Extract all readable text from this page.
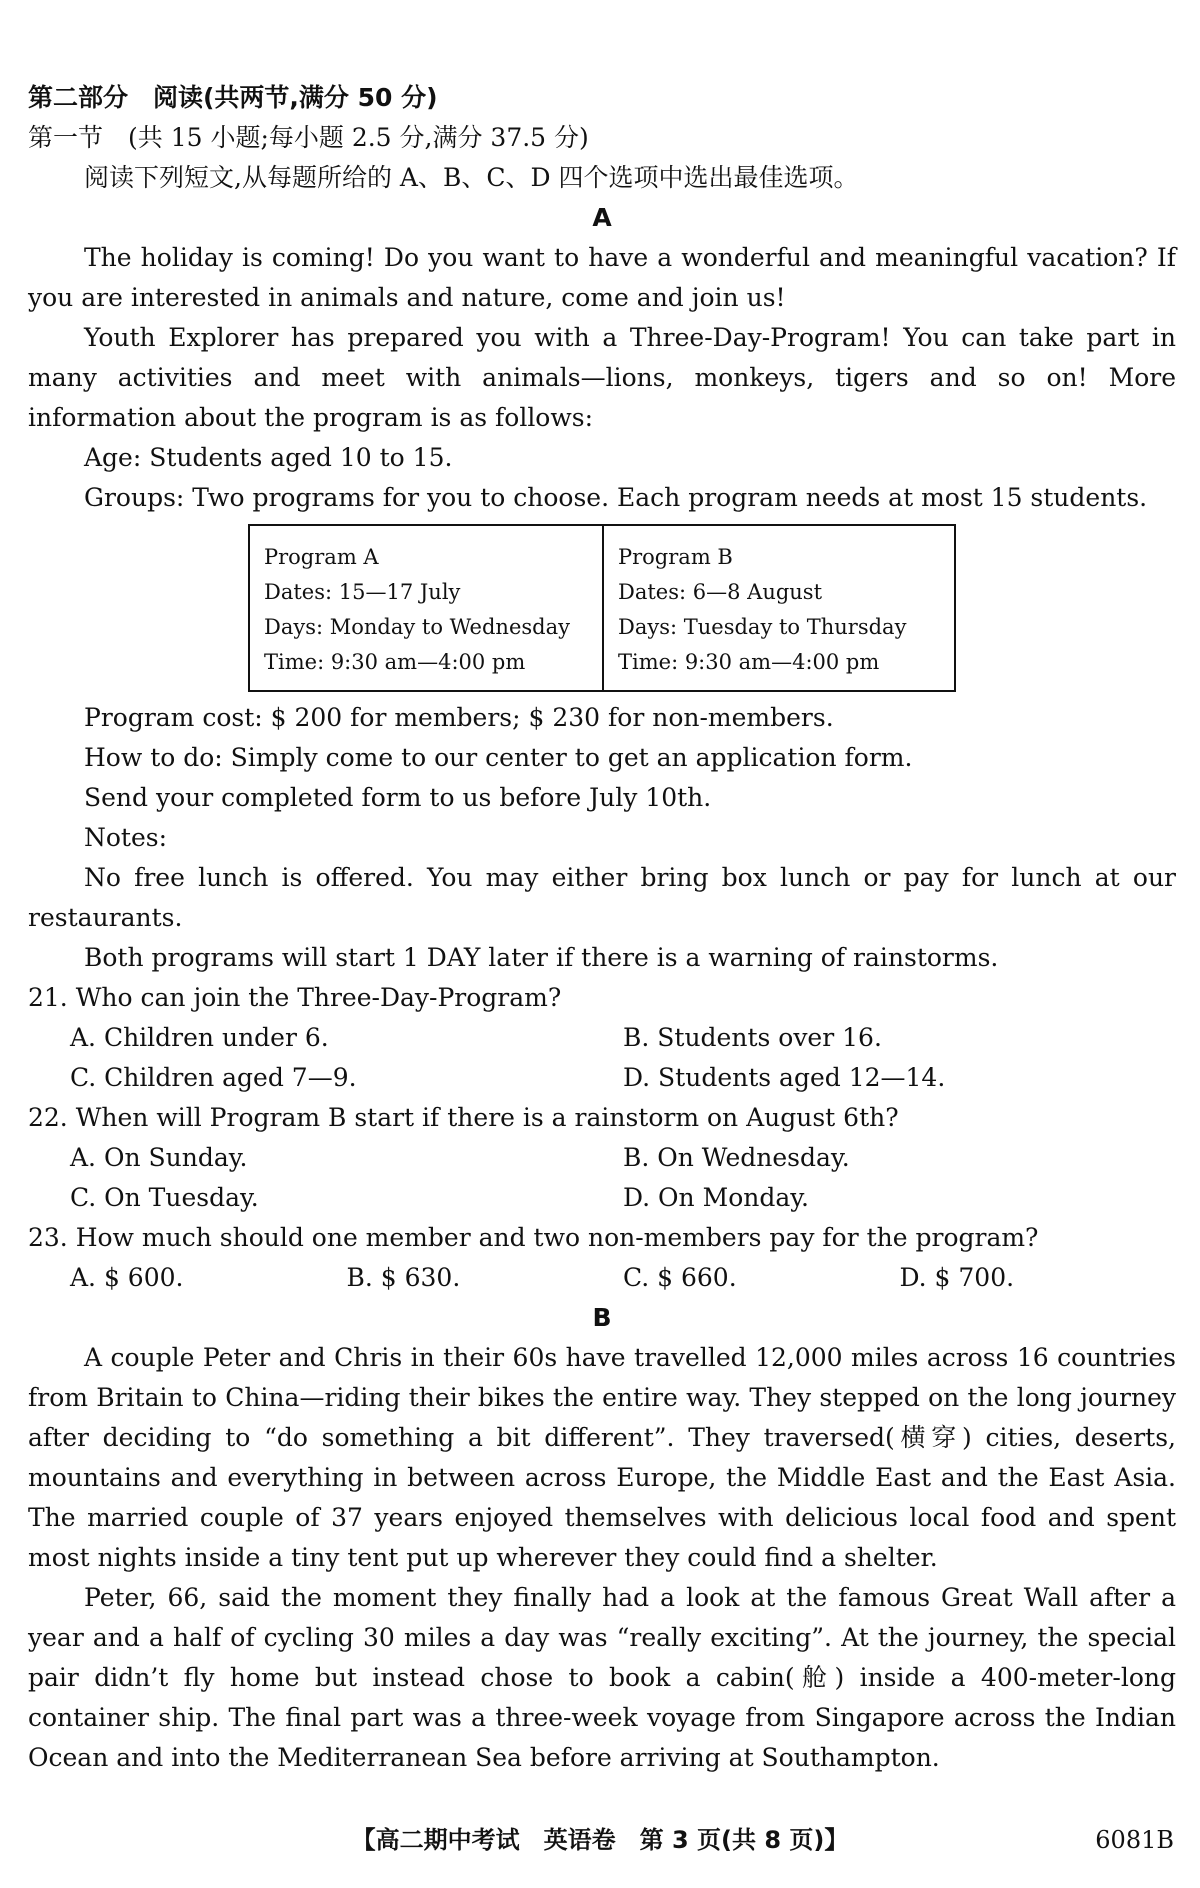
第二部分　阅读(共两节,满分 50 分)

第一节　(共 15 小题;每小题 2.5 分,满分 37.5 分)

阅读下列短文,从每题所给的 A、B、C、D 四个选项中选出最佳选项。

A

The holiday is coming! Do you want to have a wonderful and meaningful vacation? If you are interested in animals and nature, come and join us!

Youth Explorer has prepared you with a Three-Day-Program! You can take part in many activities and meet with animals—lions, monkeys, tigers and so on! More information about the program is as follows:

Age: Students aged 10 to 15.

Groups: Two programs for you to choose. Each program needs at most 15 students.

Program A
Dates: 15—17 July
Days: Monday to Wednesday
Time: 9:30 am—4:00 pm
Program B
Dates: 6—8 August
Days: Tuesday to Thursday
Time: 9:30 am—4:00 pm

Program cost: $ 200 for members; $ 230 for non-members.

How to do: Simply come to our center to get an application form.

Send your completed form to us before July 10th.

Notes:

No free lunch is offered. You may either bring box lunch or pay for lunch at our restaurants.

Both programs will start 1 DAY later if there is a warning of rainstorms.

21. Who can join the Three-Day-Program?

A. Children under 6.	B. Students over 16.
C. Children aged 7—9.	D. Students aged 12—14.

22. When will Program B start if there is a rainstorm on August 6th?

A. On Sunday.	B. On Wednesday.
C. On Tuesday.	D. On Monday.

23. How much should one member and two non-members pay for the program?

A. $ 600.	B. $ 630.	C. $ 660.	D. $ 700.

B

A couple Peter and Chris in their 60s have travelled 12,000 miles across 16 countries from Britain to China—riding their bikes the entire way. They stepped on the long journey after deciding to “do something a bit different”. They traversed(横穿) cities, deserts, mountains and everything in between across Europe, the Middle East and the East Asia. The married couple of 37 years enjoyed themselves with delicious local food and spent most nights inside a tiny tent put up wherever they could find a shelter.

Peter, 66, said the moment they finally had a look at the famous Great Wall after a year and a half of cycling 30 miles a day was “really exciting”. At the journey, the special pair didn’t fly home but instead chose to book a cabin(舱) inside a 400-meter-long container ship. The final part was a three-week voyage from Singapore across the Indian Ocean and into the Mediterranean Sea before arriving at Southampton.

【高二期中考试　英语卷　第 3 页(共 8 页)】	6081B
